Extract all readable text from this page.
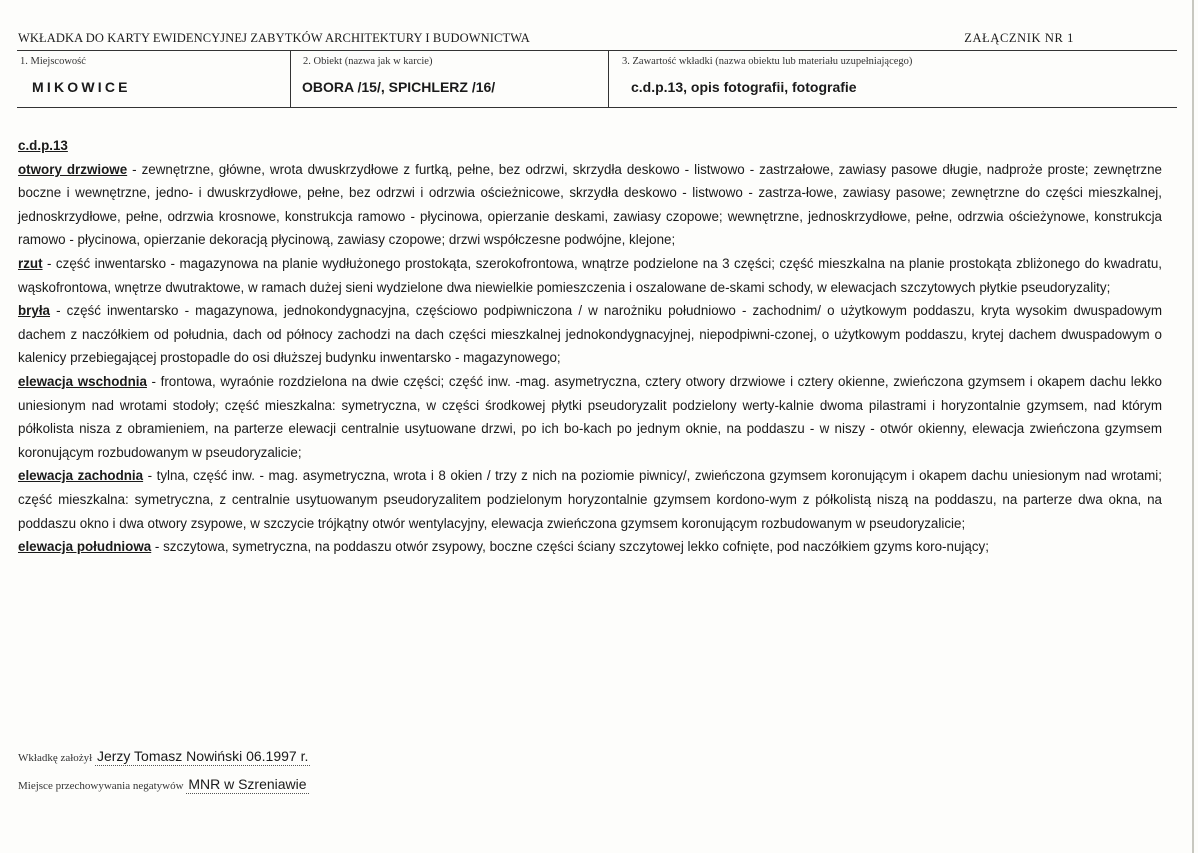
WKŁADKA DO KARTY EWIDENCYJNEJ ZABYTKÓW ARCHITEKTURY I BUDOWNICTWA	ZAŁĄCZNIK NR 1
1. Miejscowość
MIKOWICE
2. Obiekt (nazwa jak w karcie)
OBORA /15/, SPICHLERZ /16/
3. Zawartość wkładki (nazwa obiektu lub materiału uzupełniającego)
c.d.p.13, opis fotografii, fotografie
c.d.p.13

otwory drzwiowe - zewnętrzne, główne, wrota dwuskrzydłowe z furtką, pełne, bez odrzwi, skrzydła deskowo - listwowo - zastrzałowe, zawiasy pasowe długie, nadproże proste; zewnętrzne boczne i wewnętrzne, jedno- i dwuskrzydłowe, pełne, bez odrzwi i odrzwia ościeżnicowe, skrzydła deskowo - listwowo - zastrza-łowe, zawiasy pasowe; zewnętrzne do części mieszkalnej, jednoskrzydłowe, pełne, odrzwia krosnowe, konstrukcja ramowo - płycinowa, opierzanie deskami, zawiasy czopowe; wewnętrzne, jednoskrzydłowe, pełne, odrzwia ościeżynowe, konstrukcja ramowo - płycinowa, opierzanie dekoracją płycinową, zawiasy czopowe; drzwi współczesne podwójne, klejone;

rzut - część inwentarsko - magazynowa na planie wydłużonego prostokąta, szerokofrontowa, wnątrze podzielone na 3 części; część mieszkalna na planie prostokąta zbliżonego do kwadratu, wąskofrontowa, wnętrze dwutraktowe, w ramach dużej sieni wydzielone dwa niewielkie pomieszczenia i oszalowane de-skami schody, w elewacjach szczytowych płytkie pseudoryzality;

bryła - część inwentarsko - magazynowa, jednokondygnacyjna, częściowo podpiwniczona / w narożniku południowo - zachodnim/ o użytkowym poddaszu, kryta wysokim dwuspadowym dachem z naczółkiem od południa, dach od północy zachodzi na dach części mieszkalnej jednokondygnacyjnej, niepodpiwni-czonej, o użytkowym poddaszu, krytej dachem dwuspadowym o kalenicy przebiegającej prostopadle do osi dłuższej budynku inwentarsko - magazynowego;

elewacja wschodnia - frontowa, wyraónie rozdzielona na dwie części; część inw. -mag. asymetryczna, cztery otwory drzwiowe i cztery okienne, zwieńczona gzymsem i okapem dachu lekko uniesionym nad wrotami stodoły; część mieszkalna: symetryczna, w części środkowej płytki pseudoryzalit podzielony werty-kalnie dwoma pilastrami i horyzontalnie gzymsem, nad którym półkolista nisza z obramieniem, na parterze elewacji centralnie usytuowane drzwi, po ich bo-kach po jednym oknie, na poddaszu - w niszy - otwór okienny, elewacja zwieńczona gzymsem koronującym rozbudowanym w pseudoryzalicie;

elewacja zachodnia - tylna, część inw. - mag. asymetryczna, wrota i 8 okien / trzy z nich na poziomie piwnicy/, zwieńczona gzymsem koronującym i okapem dachu uniesionym nad wrotami; część mieszkalna: symetryczna, z centralnie usytuowanym pseudoryzalitem podzielonym horyzontalnie gzymsem kordono-wym z półkolistą niszą na poddaszu, na parterze dwa okna, na poddaszu okno i dwa otwory zsypowe, w szczycie trójkątny otwór wentylacyjny, elewacja zwieńczona gzymsem koronującym rozbudowanym w pseudoryzalicie;

elewacja południowa - szczytowa, symetryczna, na poddaszu otwór zsypowy, boczne części ściany szczytowej lekko cofnięte, pod naczółkiem gzyms koro-nujący;

Wkładkę założył Jerzy Tomasz Nowiński 06.1997 r.
Miejsce przechowywania negatywów MNR w Szreniawie
